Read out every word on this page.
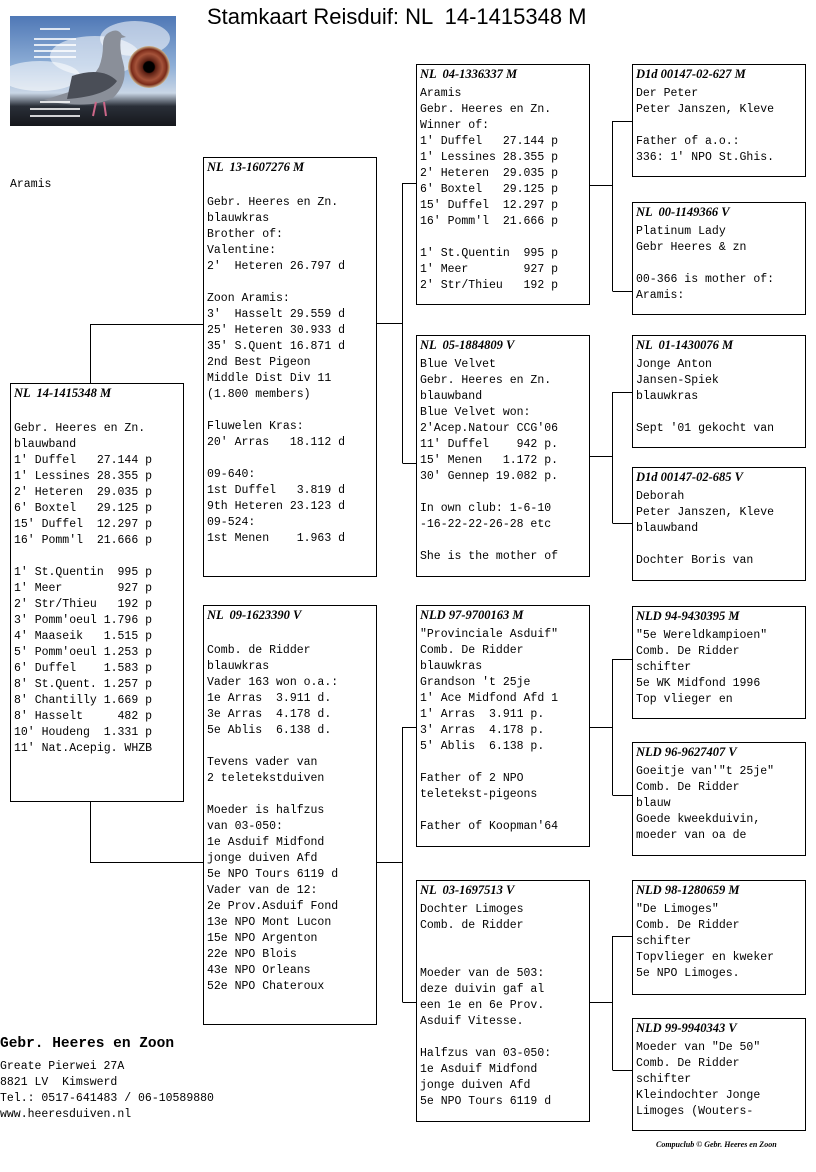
Stamkaart Reisduif: NL  14-1415348 M
Aramis
NL  14-1415348 M
Gebr. Heeres en Zn.
blauwband
1' Duffel   27.144 p
1' Lessines 28.355 p
2' Heteren  29.035 p
6' Boxtel   29.125 p
15' Duffel  12.297 p
16' Pomm'l  21.666 p
1' St.Quentin  995 p
1' Meer        927 p
2' Str/Thieu   192 p
3' Pomm'oeul 1.796 p
4' Maaseik   1.515 p
5' Pomm'oeul 1.253 p
6' Duffel    1.583 p
8' St.Quent. 1.257 p
8' Chantilly 1.669 p
8' Hasselt     482 p
10' Houdeng  1.331 p
11' Nat.Acepig. WHZB
NL  13-1607276 M
Gebr. Heeres en Zn.
blauwkras
Brother of:
Valentine:
2'  Heteren 26.797 d
Zoon Aramis:
3'  Hasselt 29.559 d
25' Heteren 30.933 d
35' S.Quent 16.871 d
2nd Best Pigeon
Middle Dist Div 11
(1.800 members)
Fluwelen Kras:
20' Arras   18.112 d
09-640:
1st Duffel   3.819 d
9th Heteren 23.123 d
09-524:
1st Menen    1.963 d
NL  09-1623390 V
Comb. de Ridder
blauwkras
Vader 163 won o.a.:
1e Arras  3.911 d.
3e Arras  4.178 d.
5e Ablis  6.138 d.
Tevens vader van
2 teletekstduiven
Moeder is halfzus
van 03-050:
1e Asduif Midfond
jonge duiven Afd
5e NPO Tours 6119 d
Vader van de 12:
2e Prov.Asduif Fond
13e NPO Mont Lucon
15e NPO Argenton
22e NPO Blois
43e NPO Orleans
52e NPO Chateroux
NL  04-1336337 M
Aramis
Gebr. Heeres en Zn.
Winner of:
1' Duffel   27.144 p
1' Lessines 28.355 p
2' Heteren  29.035 p
6' Boxtel   29.125 p
15' Duffel  12.297 p
16' Pomm'l  21.666 p
1' St.Quentin  995 p
1' Meer        927 p
2' Str/Thieu   192 p
NL  05-1884809 V
Blue Velvet
Gebr. Heeres en Zn.
blauwband
Blue Velvet won:
2'Acep.Natour CCG'06
11' Duffel    942 p.
15' Menen   1.172 p.
30' Gennep 19.082 p.
In own club: 1-6-10
-16-22-22-26-28 etc
She is the mother of
NLD 97-9700163 M
"Provinciale Asduif"
Comb. De Ridder
blauwkras
Grandson 't 25je
1' Ace Midfond Afd 1
1' Arras  3.911 p.
3' Arras  4.178 p.
5' Ablis  6.138 p.
Father of 2 NPO
teletekst-pigeons
Father of Koopman'64
NL  03-1697513 V
Dochter Limoges
Comb. de Ridder
Moeder van de 503:
deze duivin gaf al
een 1e en 6e Prov.
Asduif Vitesse.
Halfzus van 03-050:
1e Asduif Midfond
jonge duiven Afd
5e NPO Tours 6119 d
D1d 00147-02-627 M
Der Peter
Peter Janszen, Kleve
Father of a.o.:
336: 1' NPO St.Ghis.
NL  00-1149366 V
Platinum Lady
Gebr Heeres & zn
00-366 is mother of:
Aramis:
NL  01-1430076 M
Jonge Anton
Jansen-Spiek
blauwkras
Sept '01 gekocht van
D1d 00147-02-685 V
Deborah
Peter Janszen, Kleve
blauwband
Dochter Boris van
NLD 94-9430395 M
"5e Wereldkampioen"
Comb. De Ridder
schifter
5e WK Midfond 1996
Top vlieger en
NLD 96-9627407 V
Goeitje van'"t 25je"
Comb. De Ridder
blauw
Goede kweekduivin,
moeder van oa de
NLD 98-1280659 M
"De Limoges"
Comb. De Ridder
schifter
Topvlieger en kweker
5e NPO Limoges.
NLD 99-9940343 V
Moeder van "De 50"
Comb. De Ridder
schifter
Kleindochter Jonge
Limoges (Wouters-
Gebr. Heeres en Zoon
Greate Pierwei 27A
8821 LV  Kimswerd
Tel.: 0517-641483 / 06-10589880
www.heeresduiven.nl
Compuclub © Gebr. Heeres en Zoon
